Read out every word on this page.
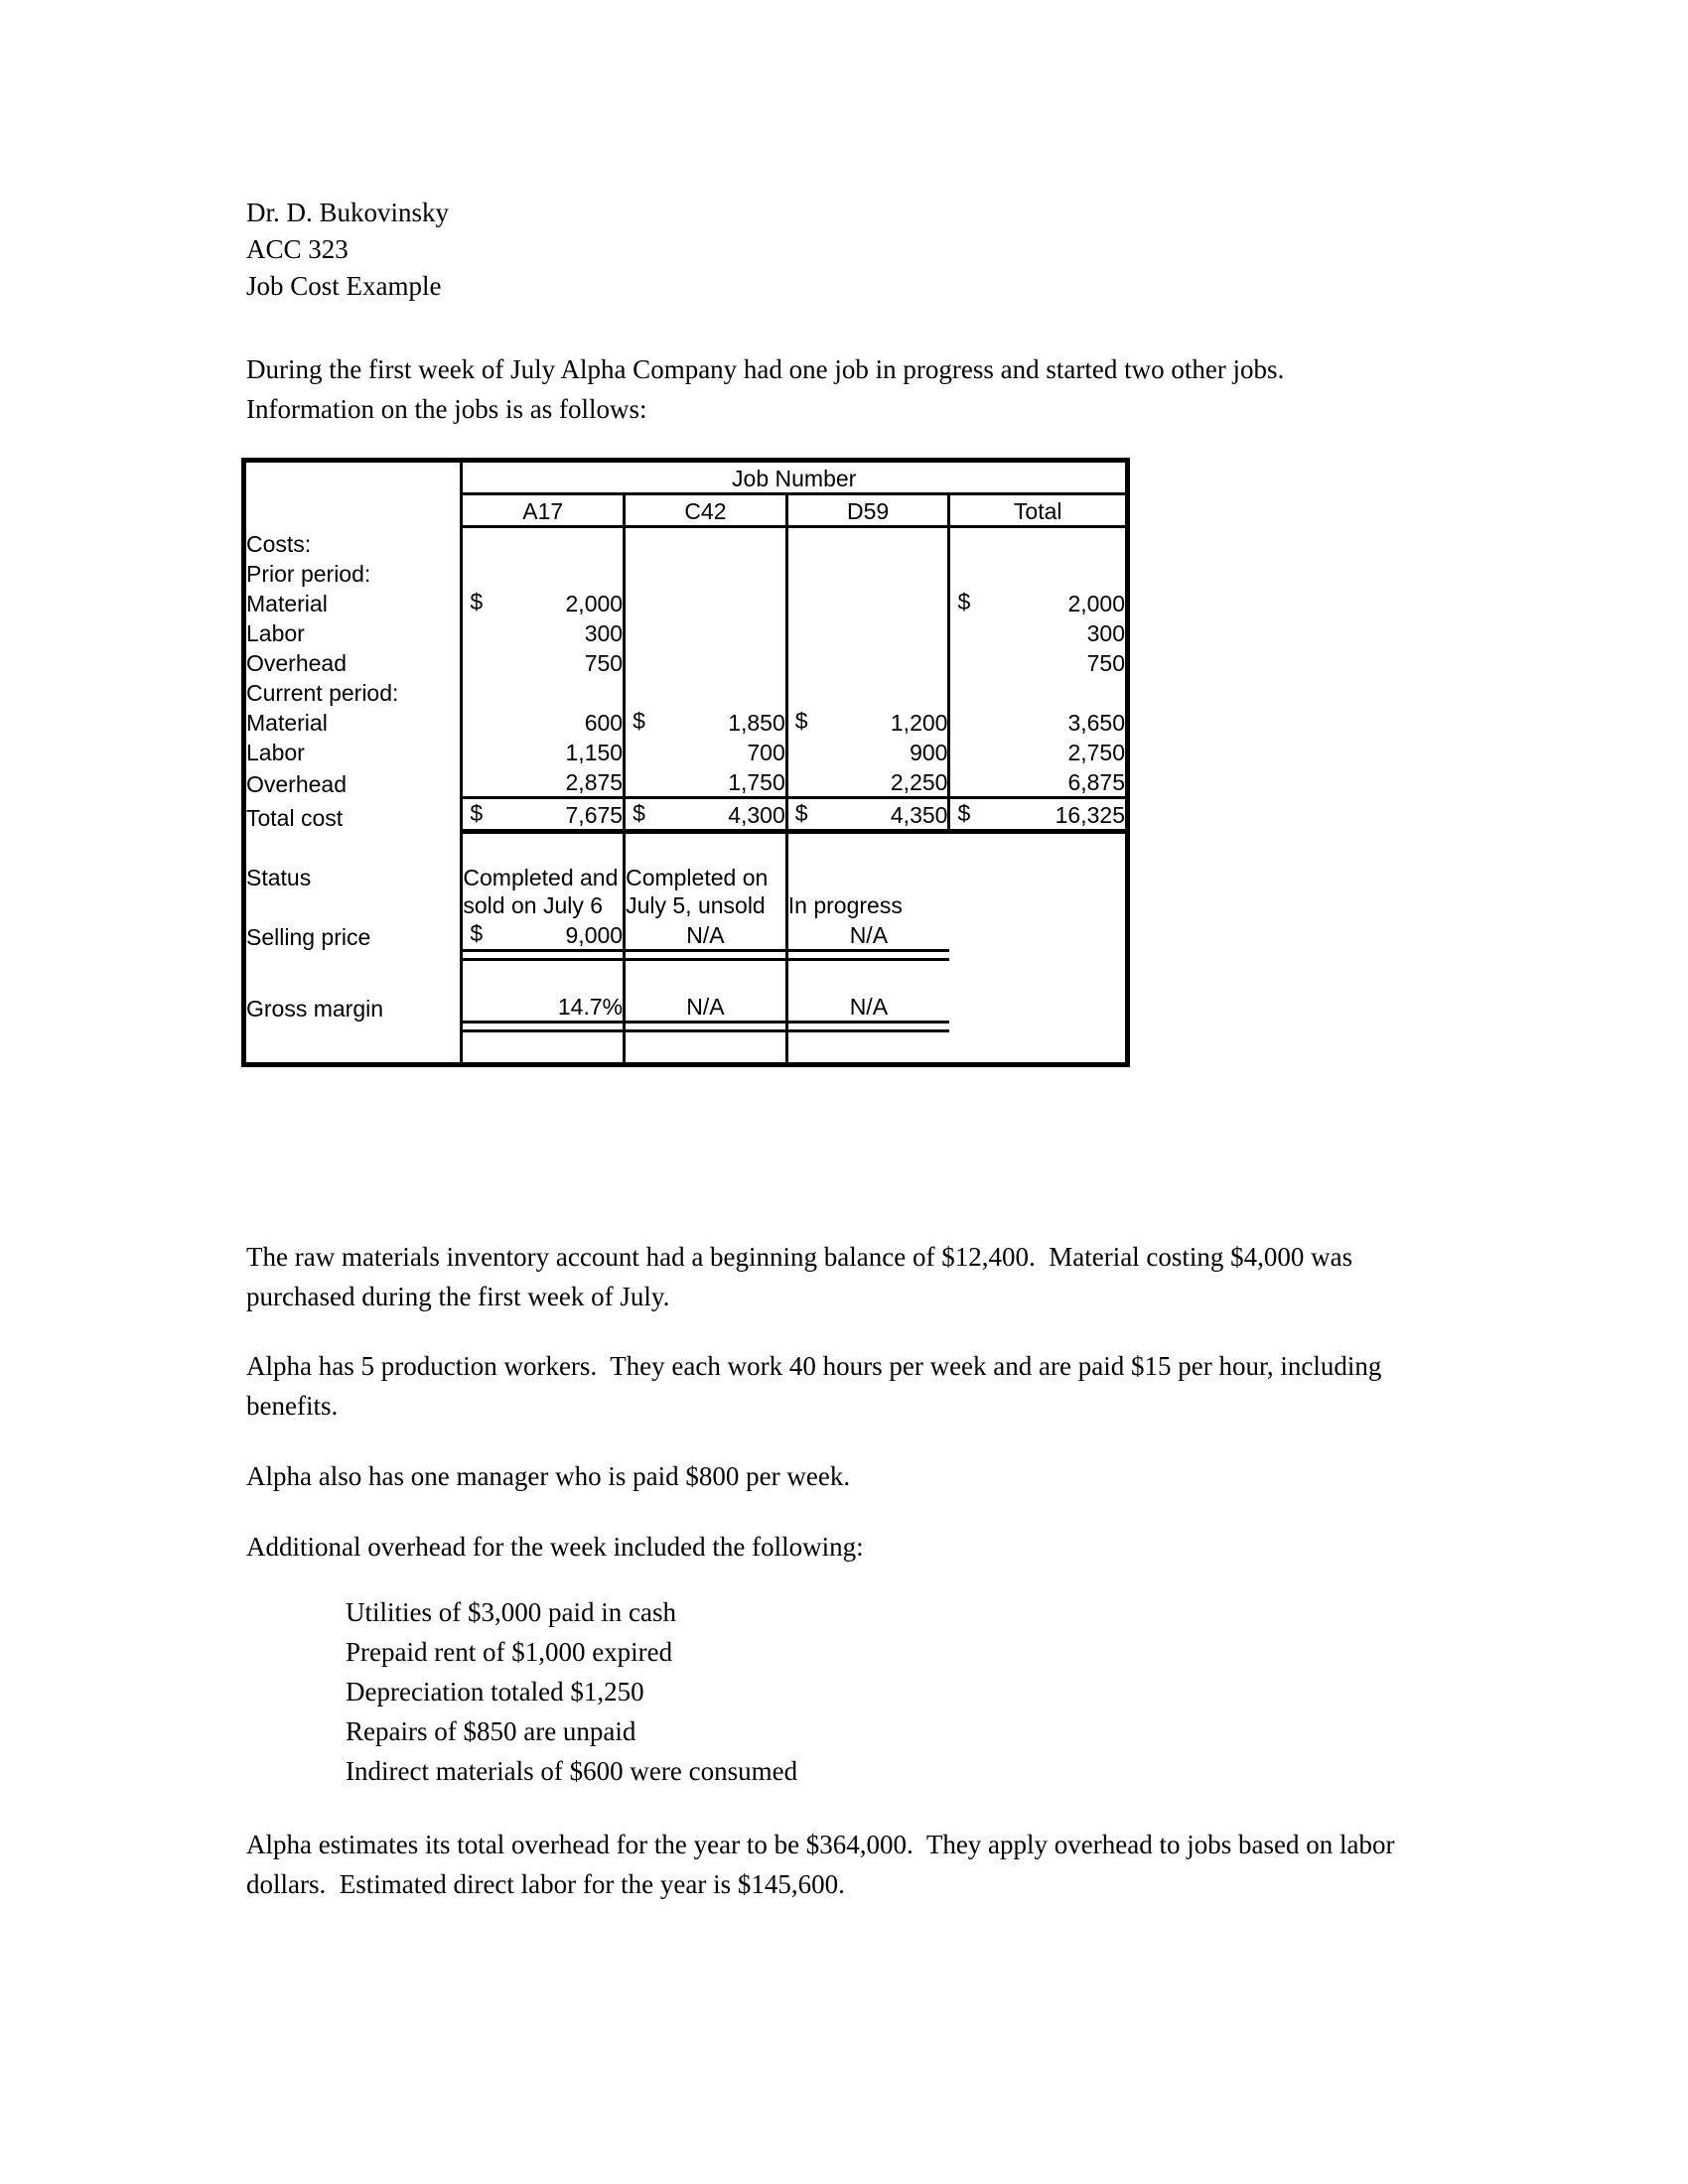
Dr. D. Bukovinsky
ACC 323
Job Cost Example
During the first week of July Alpha Company had one job in progress and started two other jobs.  Information on the jobs is as follows:
	Job Number			
	A17	C42	D59	Total
Costs:				
Prior period:				
Material	$ 2,000			$ 2,000
Labor	300			300
Overhead	750			750
Current period:				
Material	600	$ 1,850	$ 1,200	3,650
Labor	1,150	700	900	2,750
Overhead	2,875	1,750	2,250	6,875
Total cost	$ 7,675	$ 4,300	$ 4,350	$ 16,325

Status	Completed and sold on July 6	Completed on July 5, unsold	In progress	
Selling price	$ 9,000	N/A	N/A	

Gross margin	14.7%	N/A	N/A	

The raw materials inventory account had a beginning balance of $12,400.  Material costing $4,000 was purchased during the first week of July.
Alpha has 5 production workers.  They each work 40 hours per week and are paid $15 per hour, including benefits.
Alpha also has one manager who is paid $800 per week.
Additional overhead for the week included the following:
Utilities of $3,000 paid in cash
Prepaid rent of $1,000 expired
Depreciation totaled $1,250
Repairs of $850 are unpaid
Indirect materials of $600 were consumed
Alpha estimates its total overhead for the year to be $364,000.  They apply overhead to jobs based on labor dollars.  Estimated direct labor for the year is $145,600.
